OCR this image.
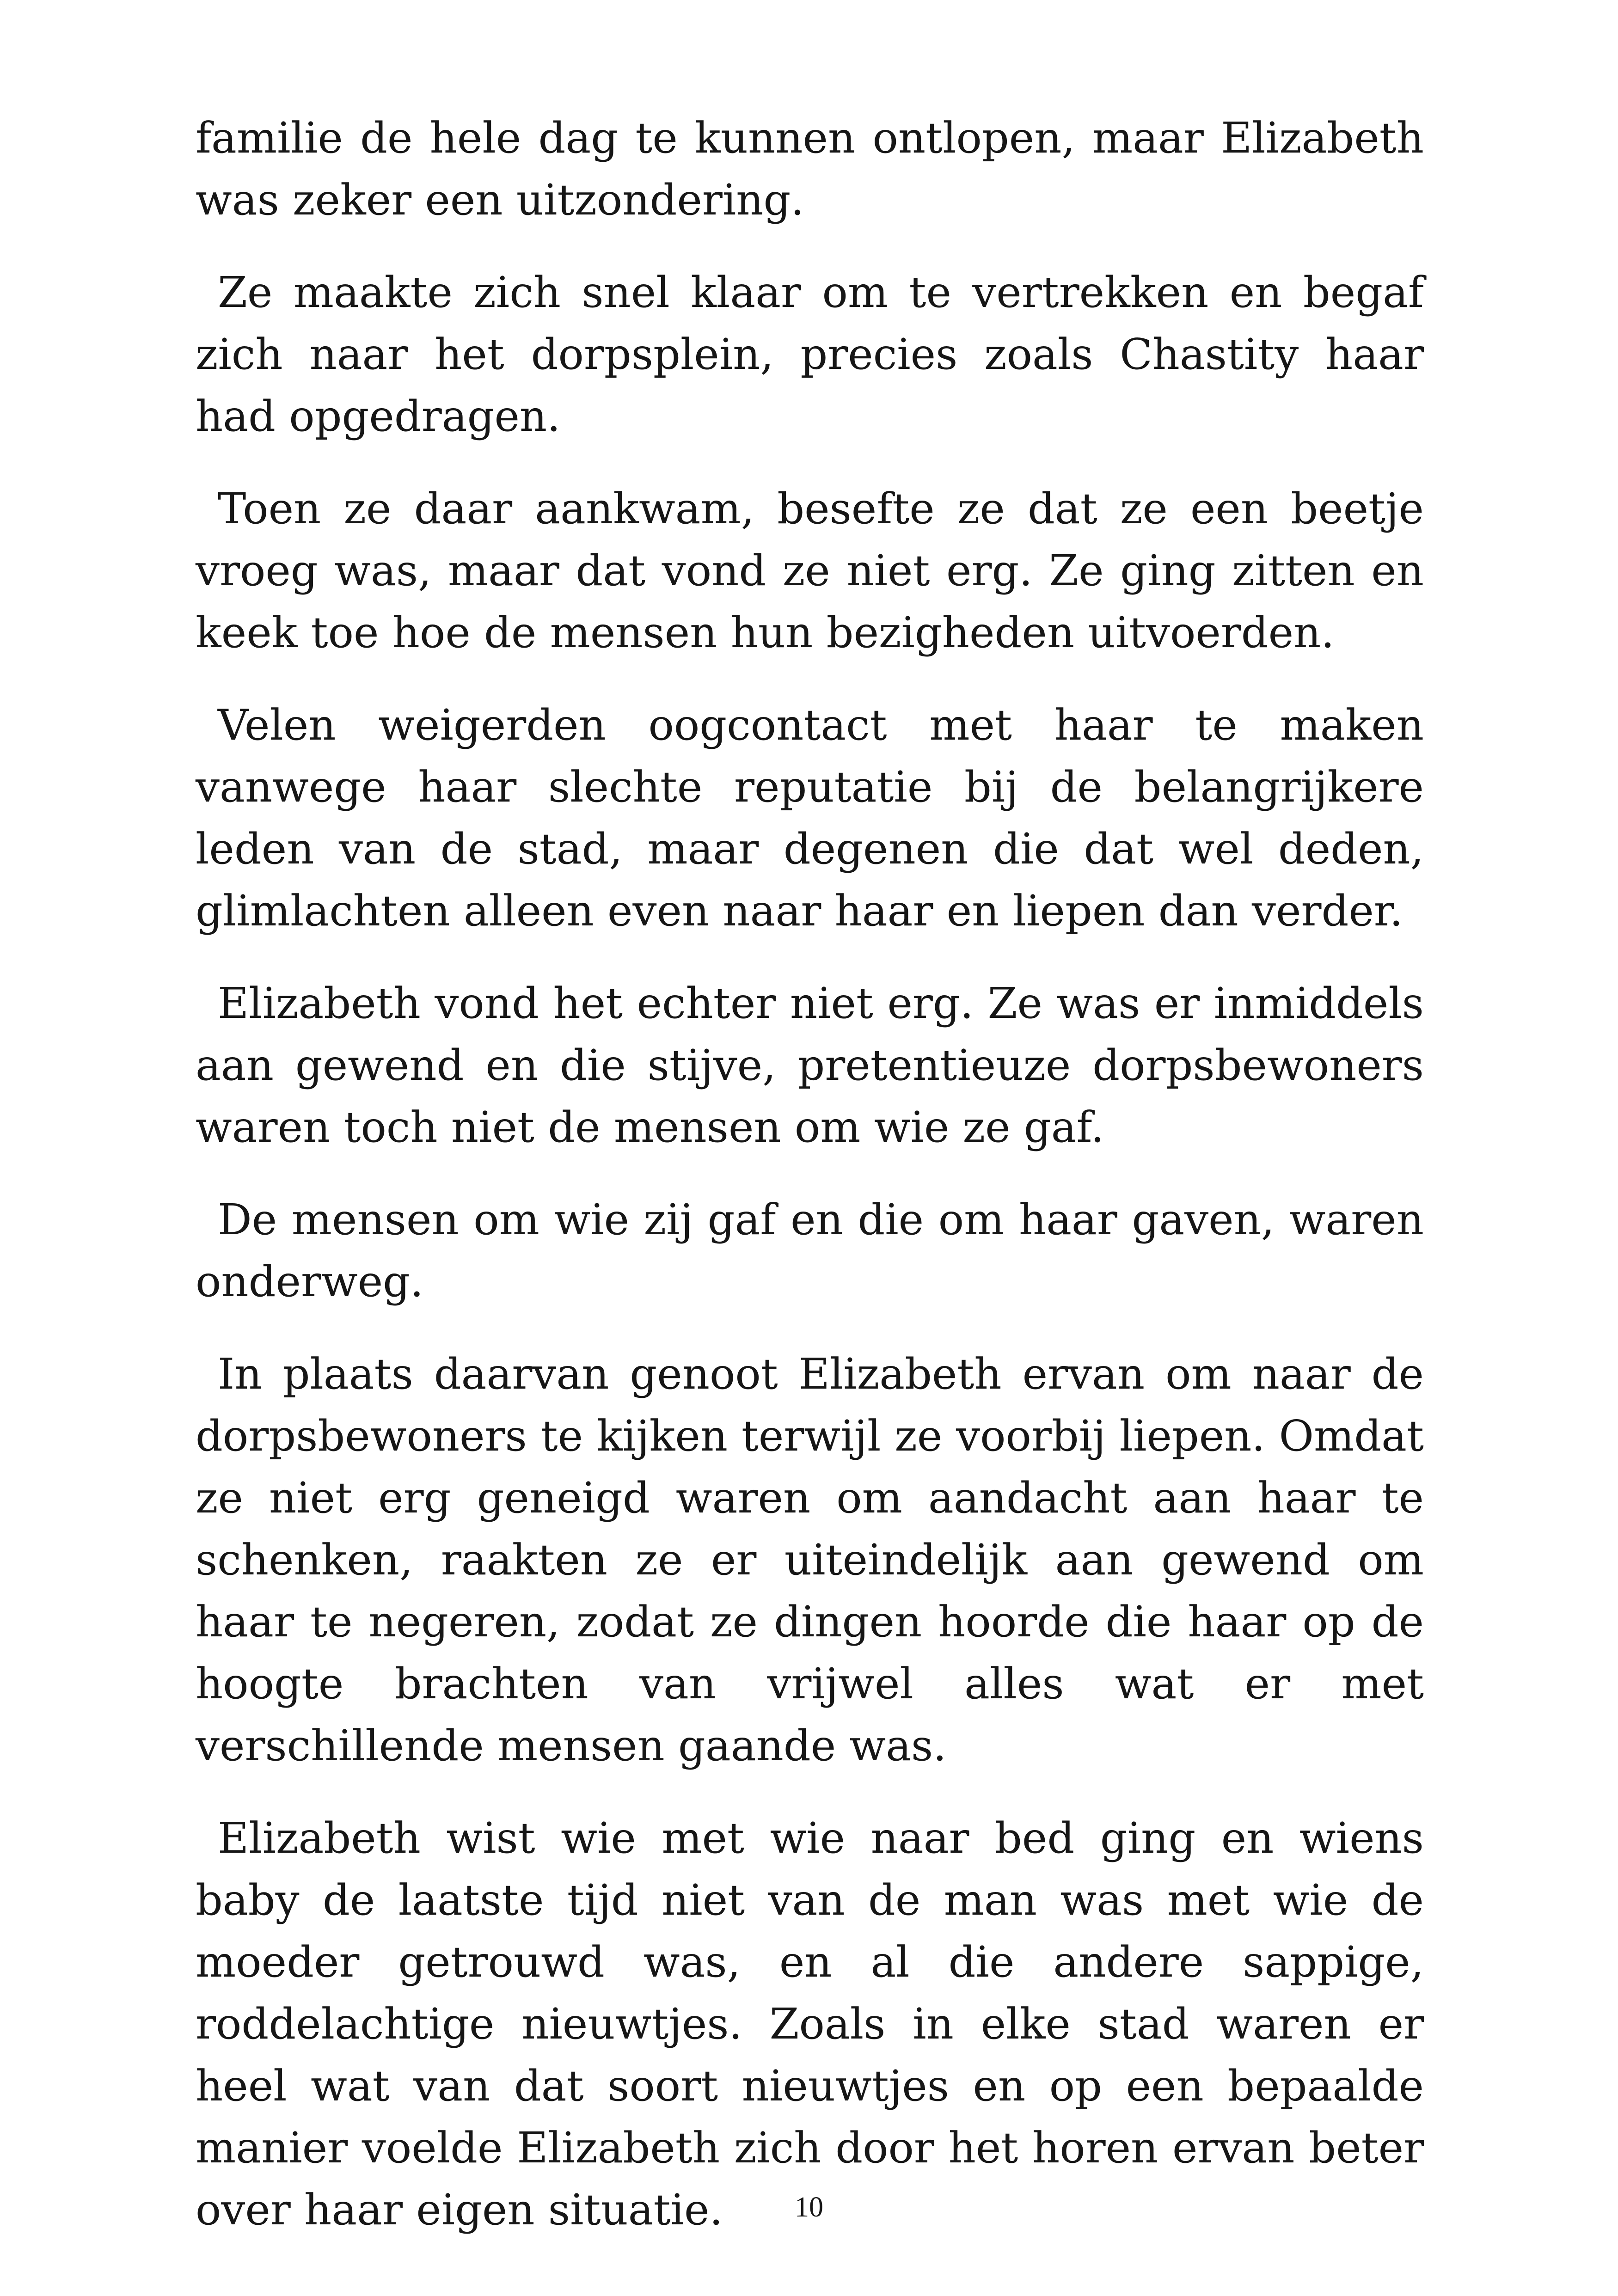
familie de hele dag te kunnen ontlopen, maar Elizabeth was zeker een uitzondering.

Ze maakte zich snel klaar om te vertrekken en begaf zich naar het dorpsplein, precies zoals Chastity haar had opgedragen.

Toen ze daar aankwam, besefte ze dat ze een beetje vroeg was, maar dat vond ze niet erg. Ze ging zitten en keek toe hoe de mensen hun bezigheden uitvoerden.

Velen weigerden oogcontact met haar te maken vanwege haar slechte reputatie bij de belangrijkere leden van de stad, maar degenen die dat wel deden, glimlachten alleen even naar haar en liepen dan verder.

Elizabeth vond het echter niet erg. Ze was er inmiddels aan gewend en die stijve, pretentieuze dorpsbewoners waren toch niet de mensen om wie ze gaf.

De mensen om wie zij gaf en die om haar gaven, waren onderweg.

In plaats daarvan genoot Elizabeth ervan om naar de dorpsbewoners te kijken terwijl ze voorbij liepen. Omdat ze niet erg geneigd waren om aandacht aan haar te schenken, raakten ze er uiteindelijk aan gewend om haar te negeren, zodat ze dingen hoorde die haar op de hoogte brachten van vrijwel alles wat er met verschillende mensen gaande was.

Elizabeth wist wie met wie naar bed ging en wiens baby de laatste tijd niet van de man was met wie de moeder getrouwd was, en al die andere sappige, roddelachtige nieuwtjes. Zoals in elke stad waren er heel wat van dat soort nieuwtjes en op een bepaalde manier voelde Elizabeth zich door het horen ervan beter over haar eigen situatie.	10
